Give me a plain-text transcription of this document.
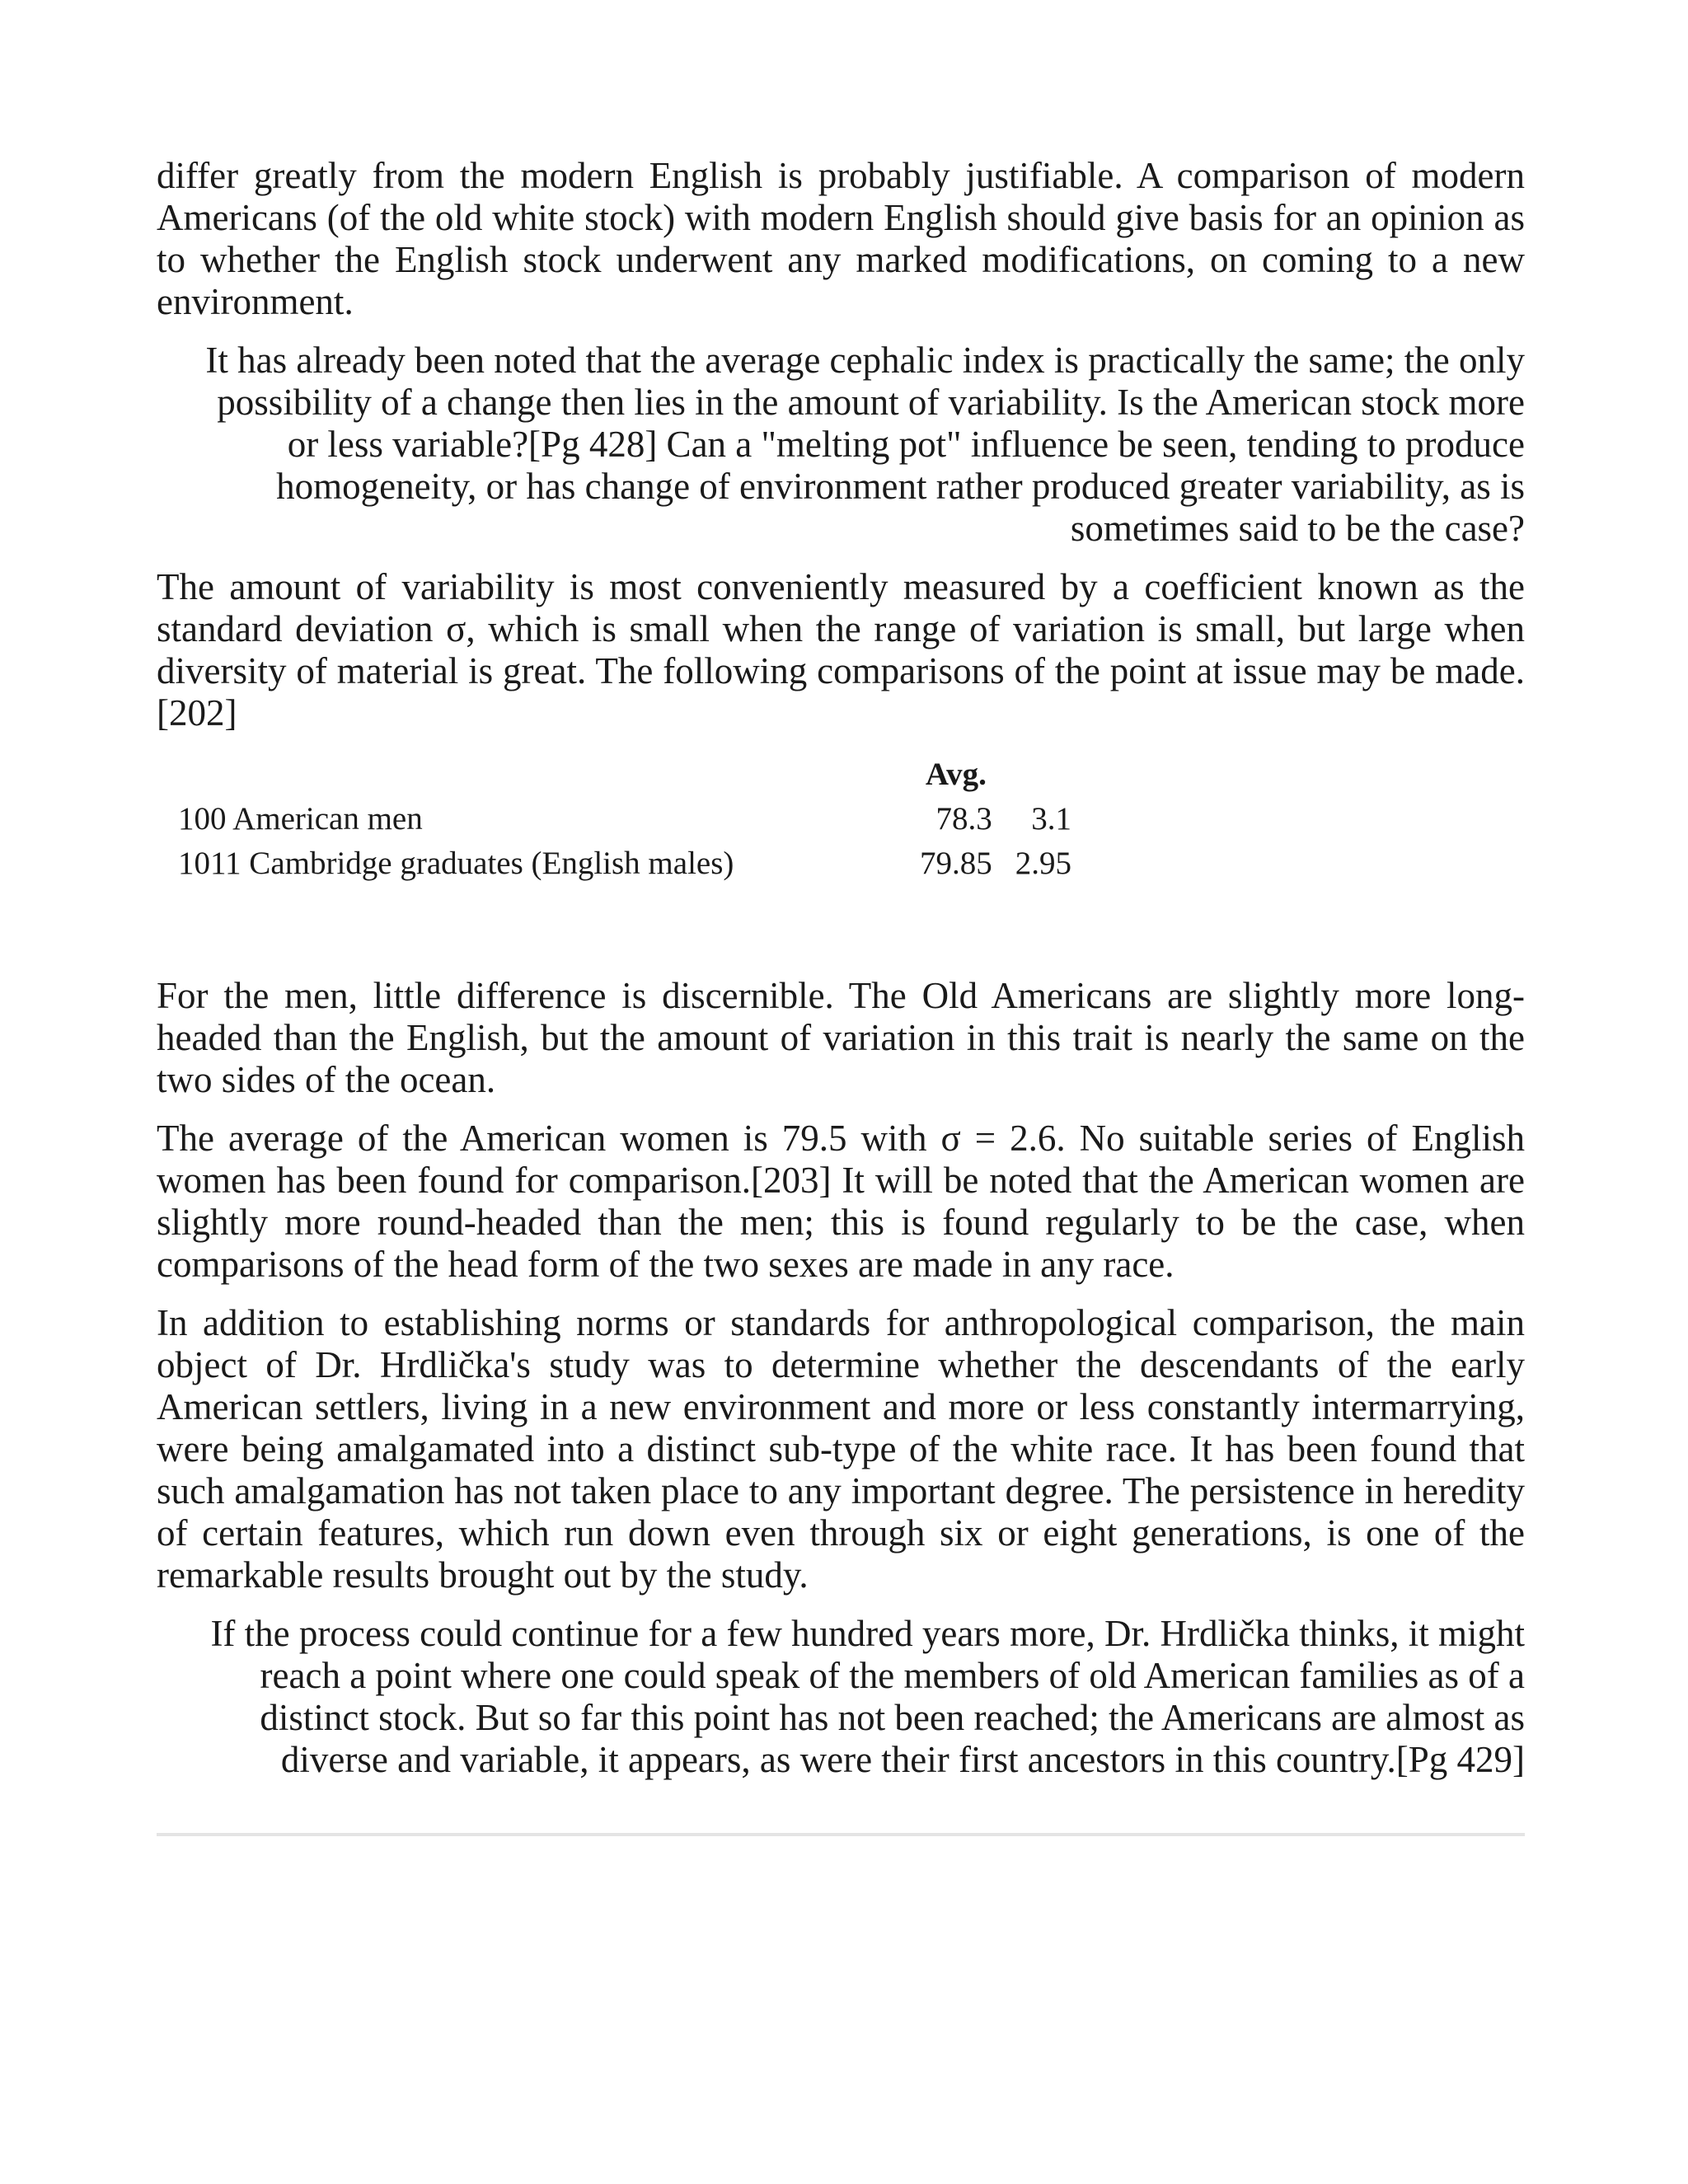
differ greatly from the modern English is probably justifiable. A comparison of modern Americans (of the old white stock) with modern English should give basis for an opinion as to whether the English stock underwent any marked modifications, on coming to a new environment.

It has already been noted that the average cephalic index is practically the same; the only
possibility of a change then lies in the amount of variability. Is the American stock more
or less variable?[Pg 428] Can a "melting pot" influence be seen, tending to produce
homogeneity, or has change of environment rather produced greater variability, as is
sometimes said to be the case?

The amount of variability is most conveniently measured by a coefficient known as the standard deviation σ, which is small when the range of variation is small, but large when diversity of material is great. The following comparisons of the point at issue may be made.[202]

	Avg.	
100 American men	78.3	3.1
1011 Cambridge graduates (English males)	79.85	2.95

For the men, little difference is discernible. The Old Americans are slightly more long-headed than the English, but the amount of variation in this trait is nearly the same on the two sides of the ocean.

The average of the American women is 79.5 with σ = 2.6. No suitable series of English women has been found for comparison.[203] It will be noted that the American women are slightly more round-headed than the men; this is found regularly to be the case, when comparisons of the head form of the two sexes are made in any race.

In addition to establishing norms or standards for anthropological comparison, the main object of Dr. Hrdlička's study was to determine whether the descendants of the early American settlers, living in a new environment and more or less constantly intermarrying, were being amalgamated into a distinct sub-type of the white race. It has been found that such amalgamation has not taken place to any important degree. The persistence in heredity of certain features, which run down even through six or eight generations, is one of the remarkable results brought out by the study.

If the process could continue for a few hundred years more, Dr. Hrdlička thinks, it might
reach a point where one could speak of the members of old American families as of a
distinct stock. But so far this point has not been reached; the Americans are almost as
diverse and variable, it appears, as were their first ancestors in this country.[Pg 429]
